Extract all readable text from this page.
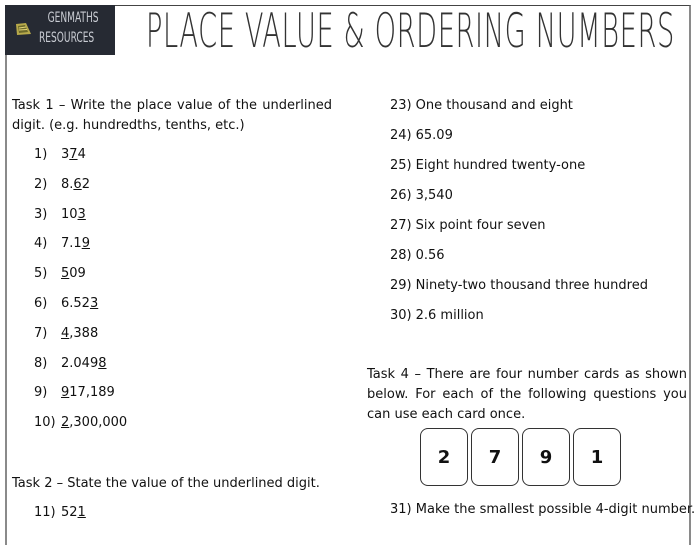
GENMATHS
RESOURCES PLACE VALUE & ORDERING NUMBERS
Task 1 – Write the place value of the underlined digit. (e.g. hundredths, tenths, etc.)
1) 374
2) 8.62
3) 103
4) 7.19
5) 509
6) 6.523
7) 4,388
8) 2.0498
9) 917,189
10) 2,300,000
Task 2 – State the value of the underlined digit.
11) 521
23) One thousand and eight
24) 65.09
25) Eight hundred twenty-one
26) 3,540
27) Six point four seven
28) 0.56
29) Ninety-two thousand three hundred
30) 2.6 million
Task 4 – There are four number cards as shown below. For each of the following questions you can use each card once.
2	7	9	1
31) Make the smallest possible 4-digit number.
